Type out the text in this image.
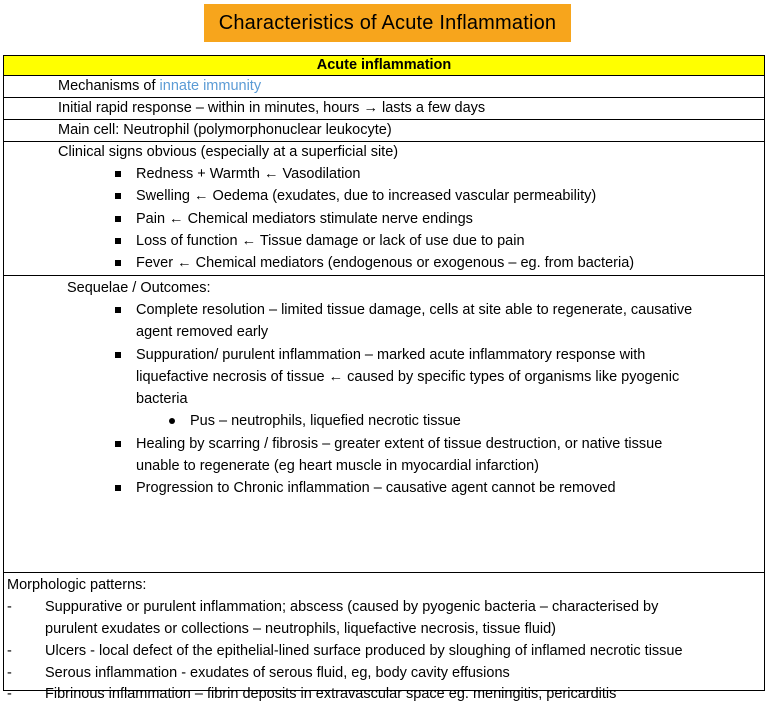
Characteristics of Acute Inflammation
Acute inflammation
Mechanisms of innate immunity
Initial rapid response – within in minutes, hours → lasts a few days
Main cell: Neutrophil (polymorphonuclear leukocyte)
Clinical signs obvious (especially at a superficial site)
Redness + Warmth ← Vasodilation
Swelling ← Oedema (exudates, due to increased vascular permeability)
Pain ← Chemical mediators stimulate nerve endings
Loss of function ← Tissue damage or lack of use due to pain
Fever ← Chemical mediators (endogenous or exogenous – eg. from bacteria)
Sequelae / Outcomes:
Complete resolution – limited tissue damage, cells at site able to regenerate, causative
agent removed early
Suppuration/ purulent inflammation – marked acute inflammatory response with
liquefactive necrosis of tissue ← caused by specific types of organisms like pyogenic
bacteria
Pus – neutrophils, liquefied necrotic tissue
Healing by scarring / fibrosis – greater extent of tissue destruction, or native tissue
unable to regenerate (eg heart muscle in myocardial infarction)
Progression to Chronic inflammation – causative agent cannot be removed
Morphologic patterns:
- Suppurative or purulent inflammation; abscess (caused by pyogenic bacteria – characterised by
purulent exudates or collections – neutrophils, liquefactive necrosis, tissue fluid)
- Ulcers - local defect of the epithelial-lined surface produced by sloughing of inflamed necrotic tissue
- Serous inflammation - exudates of serous fluid, eg, body cavity effusions
- Fibrinous inflammation – fibrin deposits in extravascular space eg. meningitis, pericarditis
